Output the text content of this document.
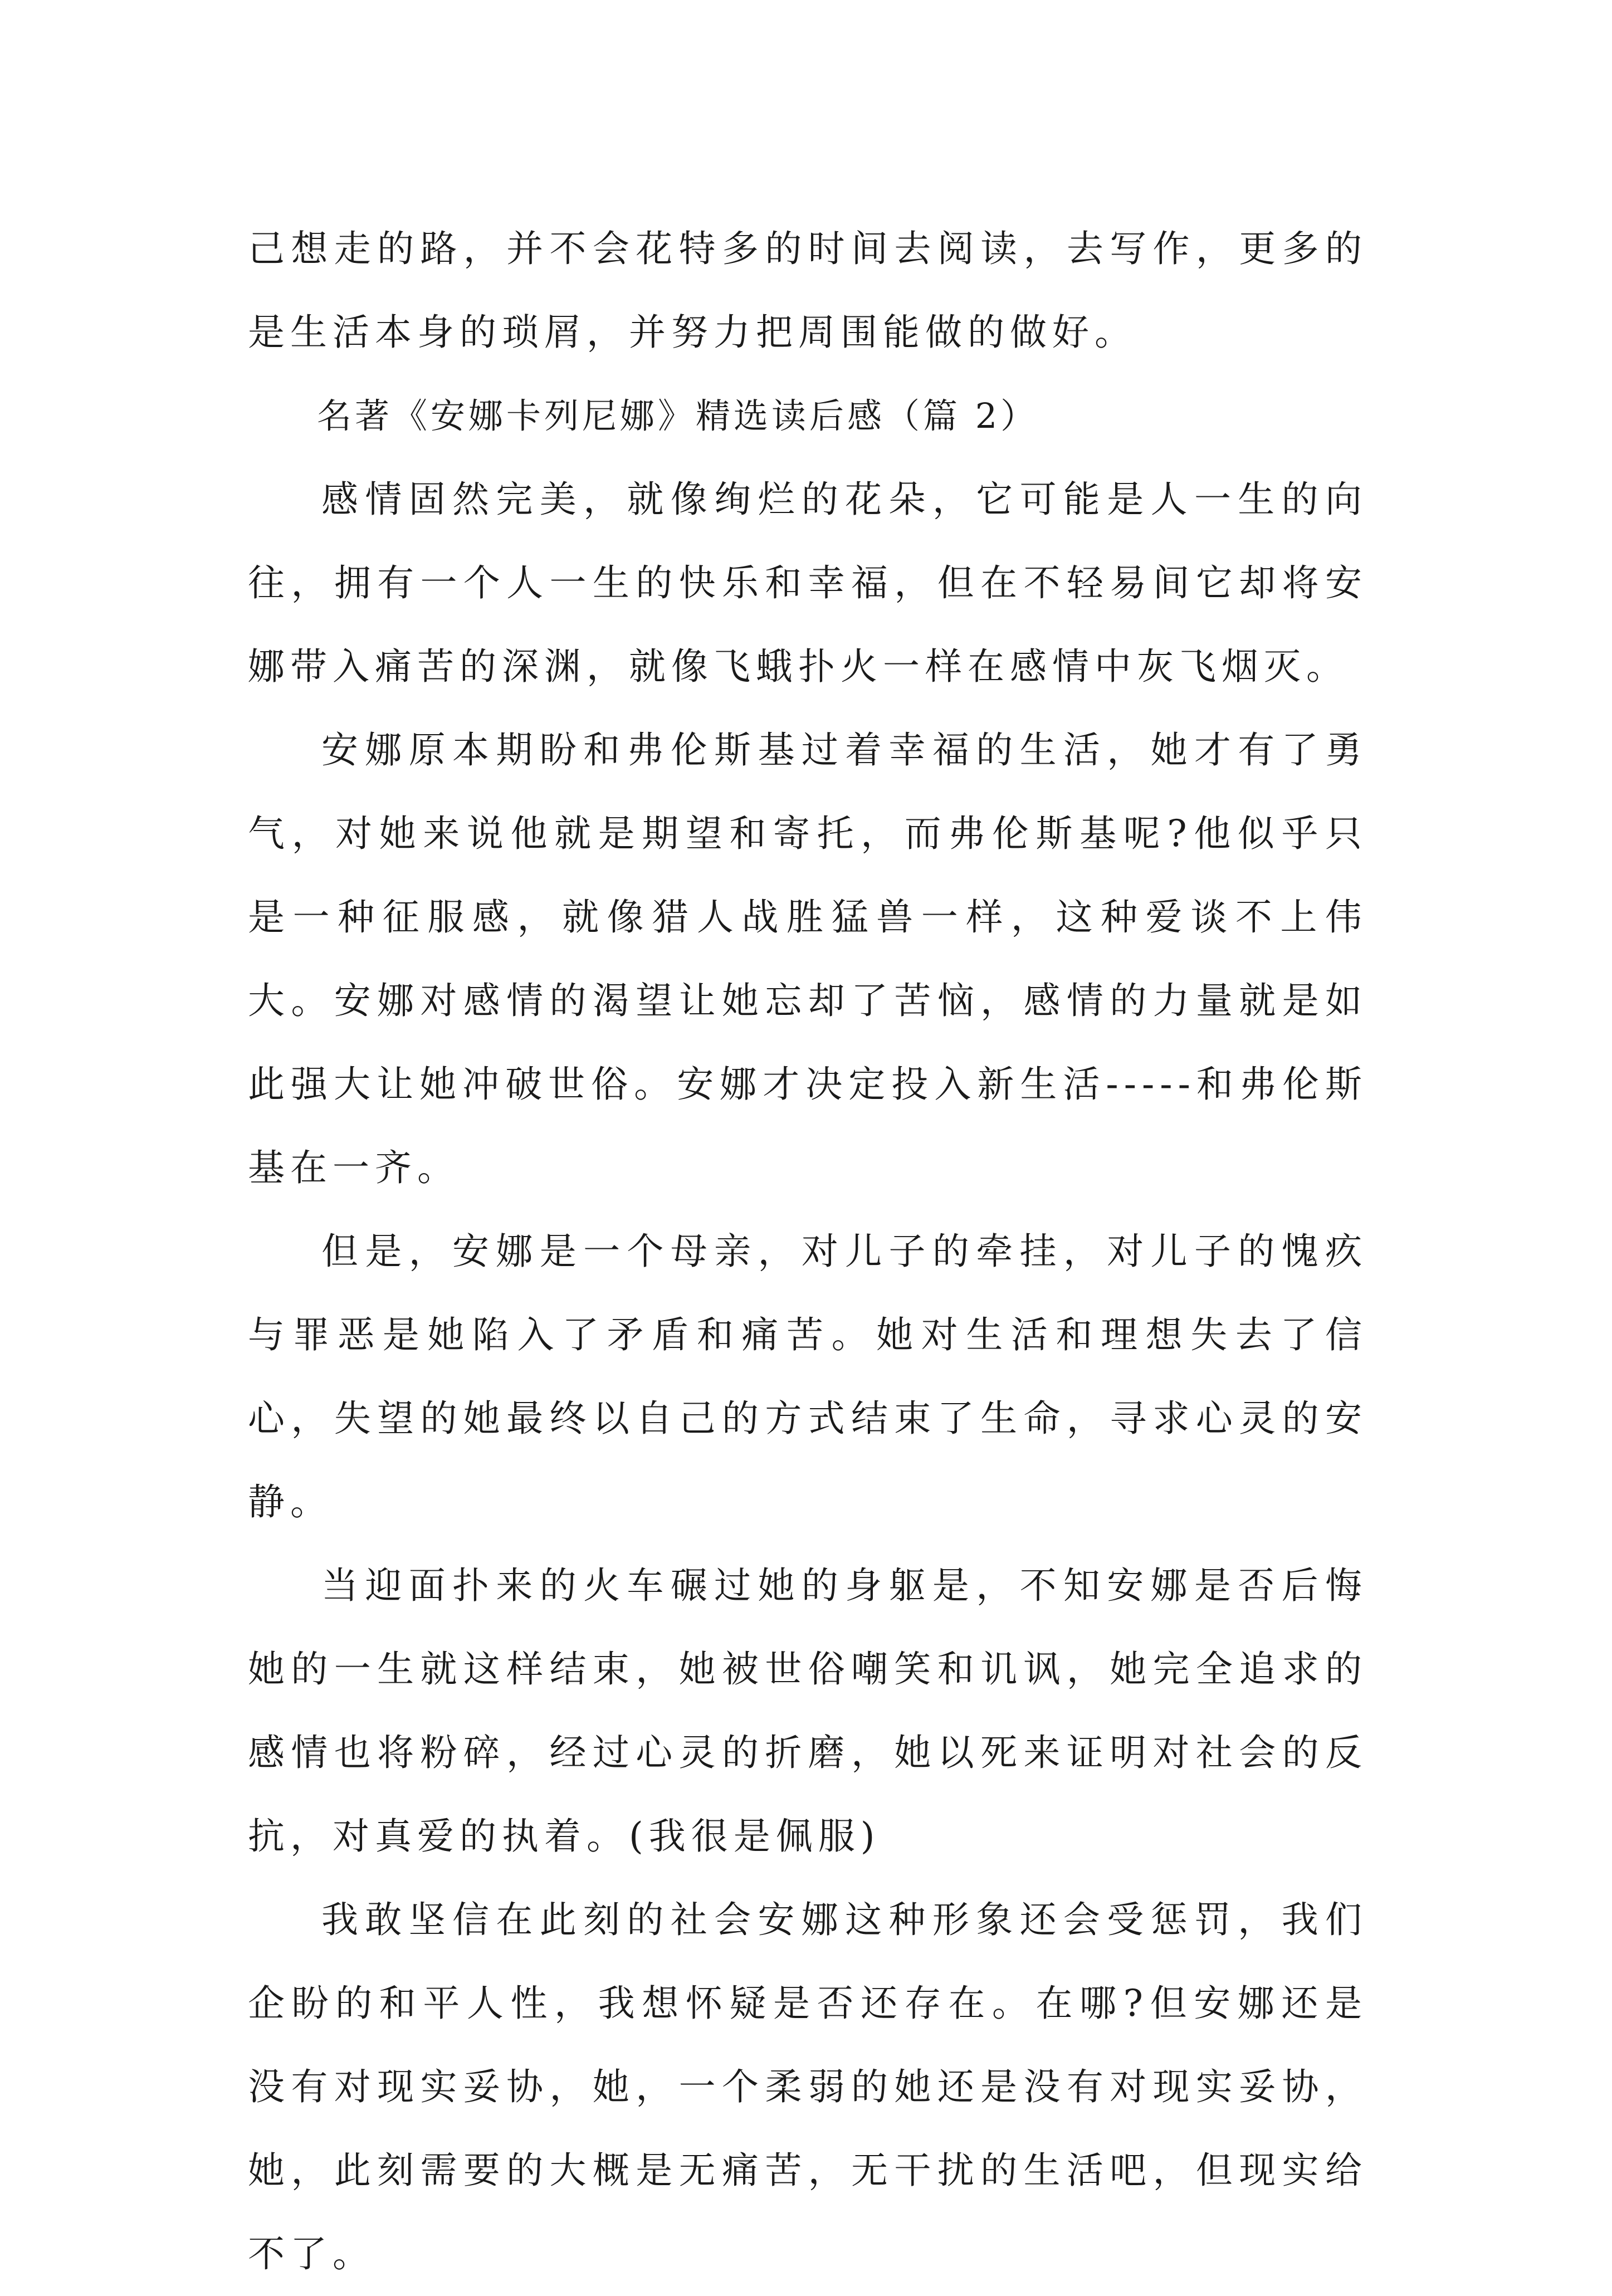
己想走的路，并不会花特多的时间去阅读，去写作，更多的是生活本身的琐屑，并努力把周围能做的做好。

名著《安娜卡列尼娜》精选读后感（篇 2）

感情固然完美，就像绚烂的花朵，它可能是人一生的向往，拥有一个人一生的快乐和幸福，但在不轻易间它却将安娜带入痛苦的深渊，就像飞蛾扑火一样在感情中灰飞烟灭。

安娜原本期盼和弗伦斯基过着幸福的生活，她才有了勇气，对她来说他就是期望和寄托，而弗伦斯基呢?他似乎只是一种征服感，就像猎人战胜猛兽一样，这种爱谈不上伟大。安娜对感情的渴望让她忘却了苦恼，感情的力量就是如此强大让她冲破世俗。安娜才决定投入新生活-----和弗伦斯基在一齐。

但是，安娜是一个母亲，对儿子的牵挂，对儿子的愧疚与罪恶是她陷入了矛盾和痛苦。她对生活和理想失去了信心，失望的她最终以自己的方式结束了生命，寻求心灵的安静。

当迎面扑来的火车碾过她的身躯是，不知安娜是否后悔她的一生就这样结束，她被世俗嘲笑和讥讽，她完全追求的感情也将粉碎，经过心灵的折磨，她以死来证明对社会的反抗，对真爱的执着。(我很是佩服)

我敢坚信在此刻的社会安娜这种形象还会受惩罚，我们企盼的和平人性，我想怀疑是否还存在。在哪?但安娜还是没有对现实妥协，她，一个柔弱的她还是没有对现实妥协，她，此刻需要的大概是无痛苦，无干扰的生活吧，但现实给不了。
